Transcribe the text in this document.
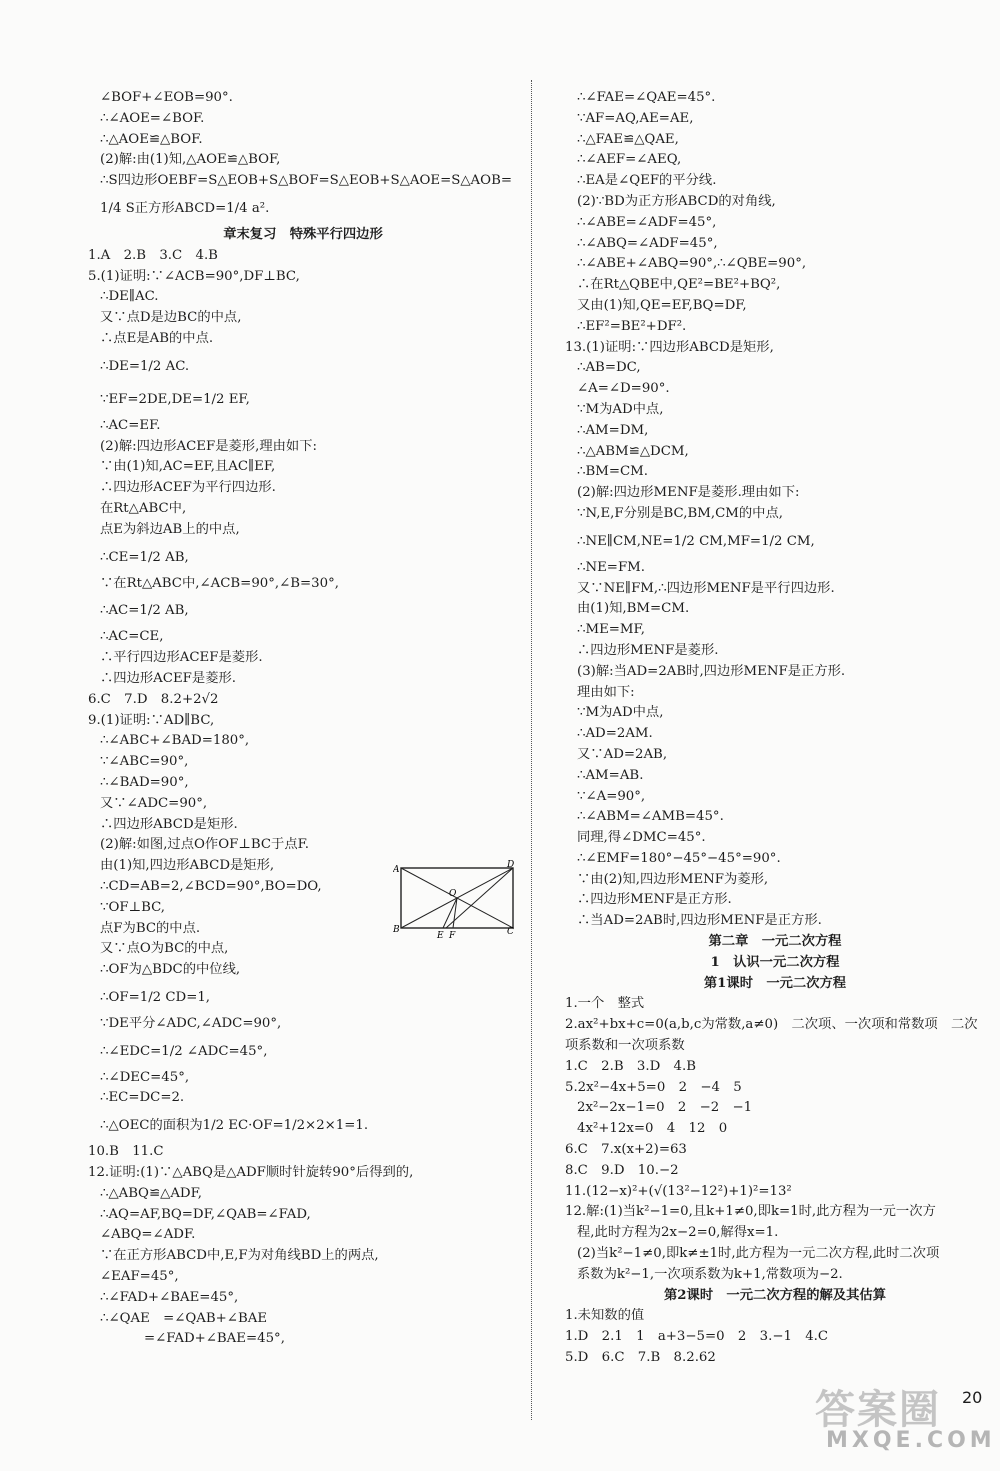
∠BOF+∠EOB=90°.
∴∠AOE=∠BOF.
∴△AOE≌△BOF.
(2)解:由(1)知,△AOE≌△BOF,
∴S四边形OEBF=S△EOB+S△BOF=S△EOB+S△AOE=S△AOB=
1/4 S正方形ABCD=1/4 a².
章末复习　特殊平行四边形
1.A　2.B　3.C　4.B
5.(1)证明:∵∠ACB=90°,DF⊥BC,
∴DE∥AC.
又∵点D是边BC的中点,
∴点E是AB的中点.
∴DE=1/2 AC.
∵EF=2DE,DE=1/2 EF,
∴AC=EF.
(2)解:四边形ACEF是菱形,理由如下:
∵由(1)知,AC=EF,且AC∥EF,
∴四边形ACEF为平行四边形.
在Rt△ABC中,
点E为斜边AB上的中点,
∴CE=1/2 AB,
∵在Rt△ABC中,∠ACB=90°,∠B=30°,
∴AC=1/2 AB,
∴AC=CE,
∴平行四边形ACEF是菱形.
∴四边形ACEF是菱形.
6.C　7.D　8.2+2√2
9.(1)证明:∵AD∥BC,
∴∠ABC+∠BAD=180°,
∵∠ABC=90°,
∴∠BAD=90°,
又∵∠ADC=90°,
∴四边形ABCD是矩形.
(2)解:如图,过点O作OF⊥BC于点F.
由(1)知,四边形ABCD是矩形,
∴CD=AB=2,∠BCD=90°,BO=DO,
∵OF⊥BC,
点F为BC的中点.
又∵点O为BC的中点,
∴OF为△BDC的中位线,
∴OF=1/2 CD=1,
∵DE平分∠ADC,∠ADC=90°,
∴∠EDC=1/2 ∠ADC=45°,
∴∠DEC=45°,
∴EC=DC=2.
∴△OEC的面积为1/2 EC·OF=1/2×2×1=1.
10.B　11.C
12.证明:(1)∵△ABQ是△ADF顺时针旋转90°后得到的,
∴△ABQ≌△ADF,
∴AQ=AF,BQ=DF,∠QAB=∠FAD,
∠ABQ=∠ADF.
∵在正方形ABCD中,E,F为对角线BD上的两点,
∠EAF=45°,
∴∠FAD+∠BAE=45°,
∴∠QAE　=∠QAB+∠BAE
=∠FAD+∠BAE=45°,
∴∠FAE=∠QAE=45°.
∵AF=AQ,AE=AE,
∴△FAE≌△QAE,
∴∠AEF=∠AEQ,
∴EA是∠QEF的平分线.
(2)∵BD为正方形ABCD的对角线,
∴∠ABE=∠ADF=45°,
∴∠ABQ=∠ADF=45°,
∴∠ABE+∠ABQ=90°,∴∠QBE=90°,
∴在Rt△QBE中,QE²=BE²+BQ²,
又由(1)知,QE=EF,BQ=DF,
∴EF²=BE²+DF².
13.(1)证明:∵四边形ABCD是矩形,
∴AB=DC,
∠A=∠D=90°.
∵M为AD中点,
∴AM=DM,
∴△ABM≌△DCM,
∴BM=CM.
(2)解:四边形MENF是菱形.理由如下:
∵N,E,F分别是BC,BM,CM的中点,
∴NE∥CM,NE=1/2 CM,MF=1/2 CM,
∴NE=FM.
又∵NE∥FM,∴四边形MENF是平行四边形.
由(1)知,BM=CM.
∴ME=MF,
∴四边形MENF是菱形.
(3)解:当AD=2AB时,四边形MENF是正方形.
理由如下:
∵M为AD中点,
∴AD=2AM.
又∵AD=2AB,
∴AM=AB.
∵∠A=90°,
∴∠ABM=∠AMB=45°.
同理,得∠DMC=45°.
∴∠EMF=180°−45°−45°=90°.
∵由(2)知,四边形MENF为菱形,
∴四边形MENF是正方形.
∴当AD=2AB时,四边形MENF是正方形.
第二章　一元二次方程
1　认识一元二次方程
第1课时　一元二次方程
1.一个　整式
2.ax²+bx+c=0(a,b,c为常数,a≠0)　二次项、一次项和常数项　二次项系数和一次项系数
1.C　2.B　3.D　4.B
5.2x²−4x+5=0　2　−4　5
2x²−2x−1=0　2　−2　−1
4x²+12x=0　4　12　0
6.C　7.x(x+2)=63
8.C　9.D　10.−2
11.(12−x)²+(√(13²−12²)+1)²=13²
12.解:(1)当k²−1=0,且k+1≠0,即k=1时,此方程为一元一次方
程,此时方程为2x−2=0,解得x=1.
(2)当k²−1≠0,即k≠±1时,此方程为一元二次方程,此时二次项
系数为k²−1,一次项系数为k+1,常数项为−2.
第2课时　一元二次方程的解及其估算
1.未知数的值
1.D　2.1　1　a+3−5=0　2　3.−1　4.C
5.D　6.C　7.B　8.2.62
A	D
B	C
O
E F
20
答案圈
MXQE.COM
